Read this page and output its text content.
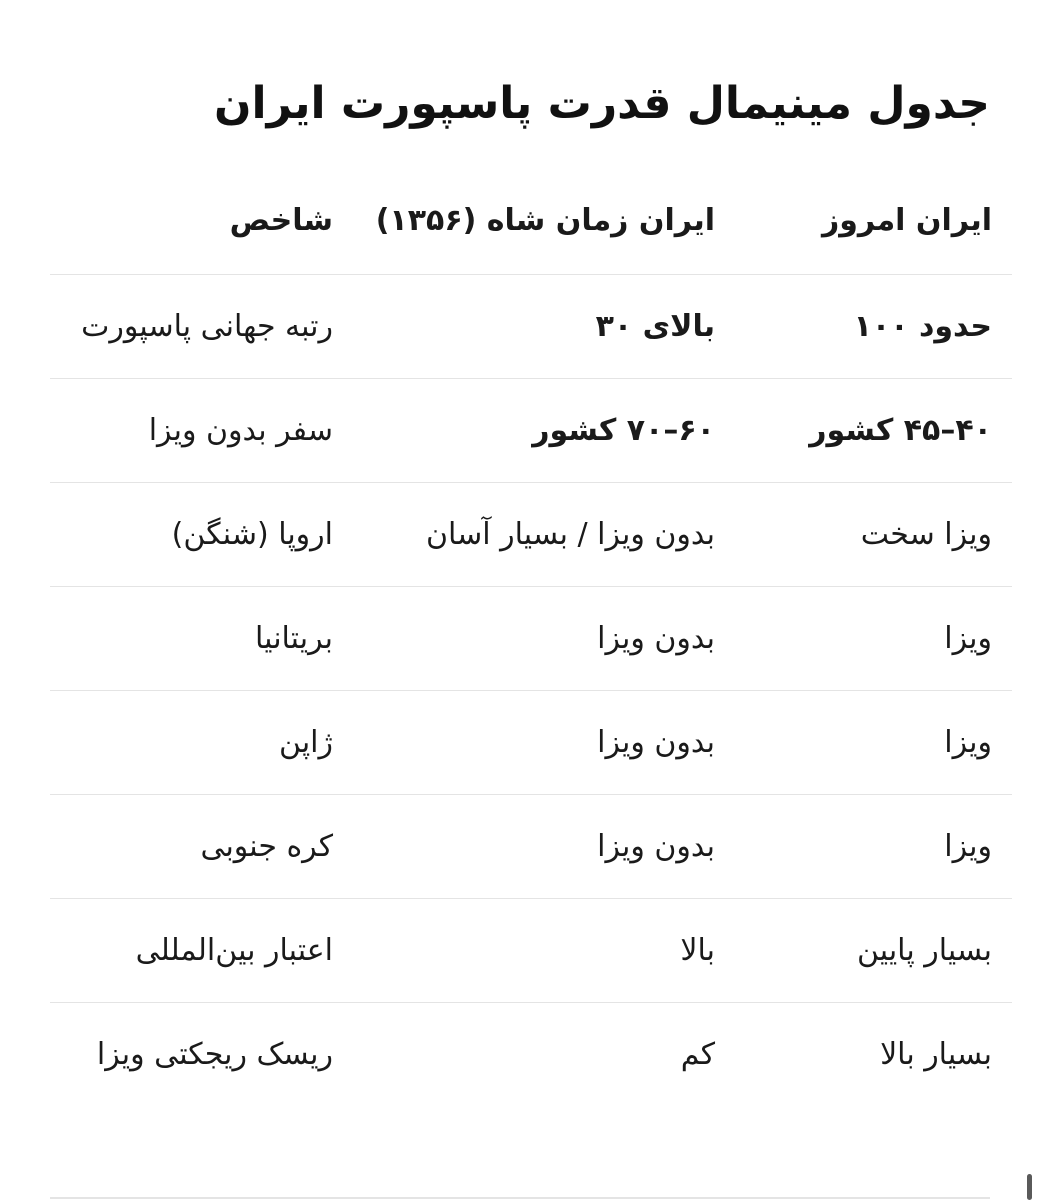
جدول مینیمال قدرت پاسپورت ایران
ایران امروز	ایران زمان شاه (۱۳۵۶)	شاخص
حدود ۱۰۰	بالای ۳۰	رتبه جهانی پاسپورت
۴۰–۴۵ کشور	۶۰–۷۰ کشور	سفر بدون ویزا
ویزا سخت	بدون ویزا / بسیار آسان	اروپا (شنگن)
ویزا	بدون ویزا	بریتانیا
ویزا	بدون ویزا	ژاپن
ویزا	بدون ویزا	کره جنوبی
بسیار پایین	بالا	اعتبار بین‌المللی
بسیار بالا	کم	ریسک ریجکتی ویزا
